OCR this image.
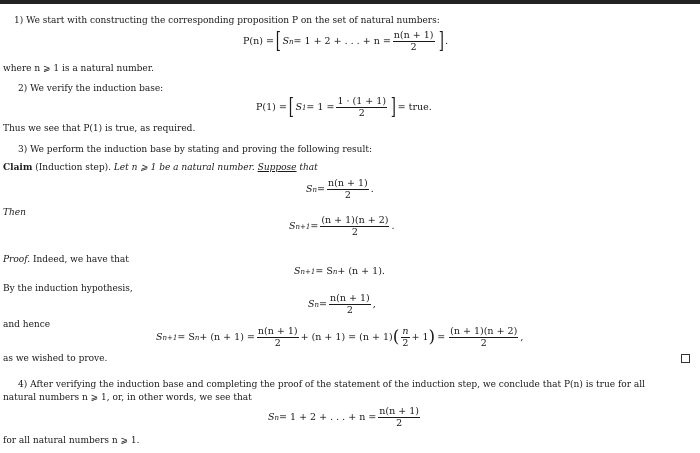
1) We start with constructing the corresponding proposition P on the set of natural numbers:
P(n) = [ S n = 1 + 2 + . . . + $n = \frac{n(n + 1)}{2}$ ] .
where n ⩾ 1 is a natural number.
2) We verify the induction base:
P(1) = [ S $1 = 1 = \frac{1 \cdot (1 + 1)}{2}$ ] = true.
Thus we see that P(1) is true, as required.
3) We perform the induction base by stating and proving the following result:
Claim (Induction step). Let n ⩾ 1 be a natural number. Suppose that
S $n = \frac{n(n + 1)}{2}$ .
Then
S $n+1 = \frac{(n + 1)(n + 2)}{2}$ .
Proof. Indeed, we have that
S n+1 = S n + (n + 1).
By the induction hypothesis,
S $n = \frac{n(n + 1)}{2}$ ,
and hence
S n+1 = S $n + (n + 1) = \frac{n(n + 1)}{2} + (n + 1) = (n + 1)$ ( $\frac{n}{2} + 1$ ) = $\frac{(n + 1)(n + 2)}{2}$ ,
as we wished to prove.
4) After verifying the induction base and completing the proof of the statement of the induction step, we conclude that P(n) is true for all
natural numbers n ⩾ 1, or, in other words, we see that
S n = 1 + 2 + . . . + $n = \frac{n(n + 1)}{2}$
for all natural numbers n ⩾ 1.
